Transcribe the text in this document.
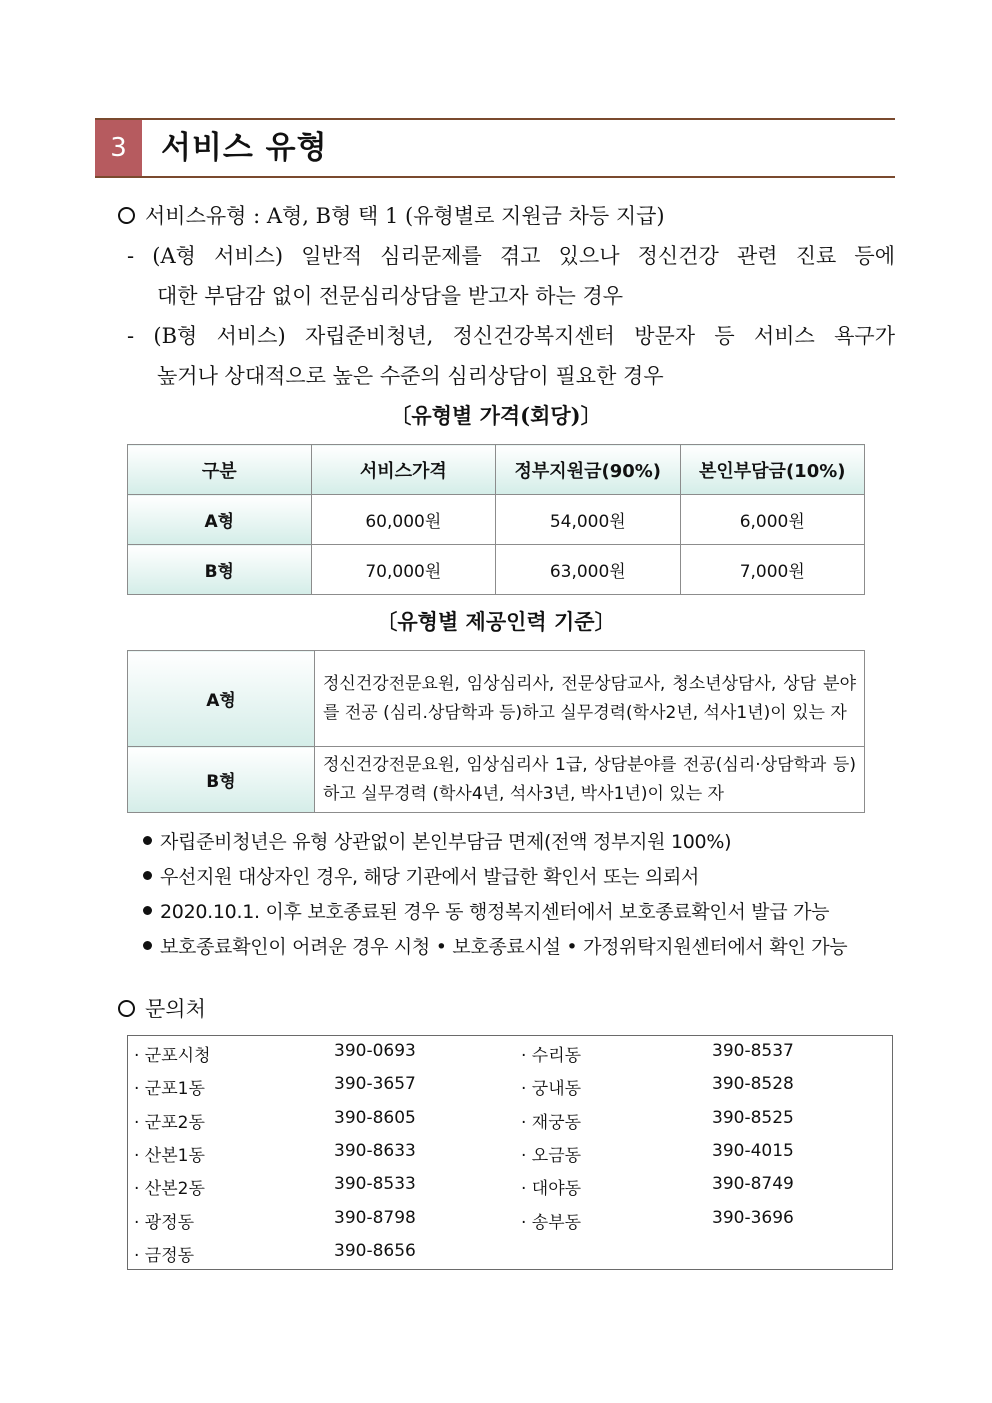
3	서비스 유형
서비스유형 : A형, B형 택 1 (유형별로 지원금 차등 지급)
- (A형 서비스) 일반적 심리문제를 겪고 있으나 정신건강 관련 진료 등에
대한 부담감 없이 전문심리상담을 받고자 하는 경우
- (B형 서비스) 자립준비청년, 정신건강복지센터 방문자 등 서비스 욕구가
높거나 상대적으로 높은 수준의 심리상담이 필요한 경우
〔유형별 가격(회당)〕
구분	서비스가격	정부지원금(90%)	본인부담금(10%)
A형	60,000원	54,000원	6,000원
B형	70,000원	63,000원	7,000원
〔유형별 제공인력 기준〕
A형	정신건강전문요원, 임상심리사, 전문상담교사, 청소년상담사, 상담 분야를 전공 (심리.상담학과 등)하고 실무경력(학사2년, 석사1년)이 있는 자
B형	정신건강전문요원, 임상심리사 1급, 상담분야를 전공(심리·상담학과 등)하고 실무경력 (학사4년, 석사3년, 박사1년)이 있는 자
자립준비청년은 유형 상관없이 본인부담금 면제(전액 정부지원 100%)
우선지원 대상자인 경우, 해당 기관에서 발급한 확인서 또는 의뢰서
2020.10.1. 이후 보호종료된 경우 동 행정복지센터에서 보호종료확인서 발급 가능
보호종료확인이 어려운 경우 시청 • 보호종료시설 • 가정위탁지원센터에서 확인 가능
문의처
· 군포시청	390-0693
· 군포1동	390-3657
· 군포2동	390-8605
· 산본1동	390-8633
· 산본2동	390-8533
· 광정동	390-8798
· 금정동	390-8656
· 수리동	390-8537
· 궁내동	390-8528
· 재궁동	390-8525
· 오금동	390-4015
· 대야동	390-8749
· 송부동	390-3696
